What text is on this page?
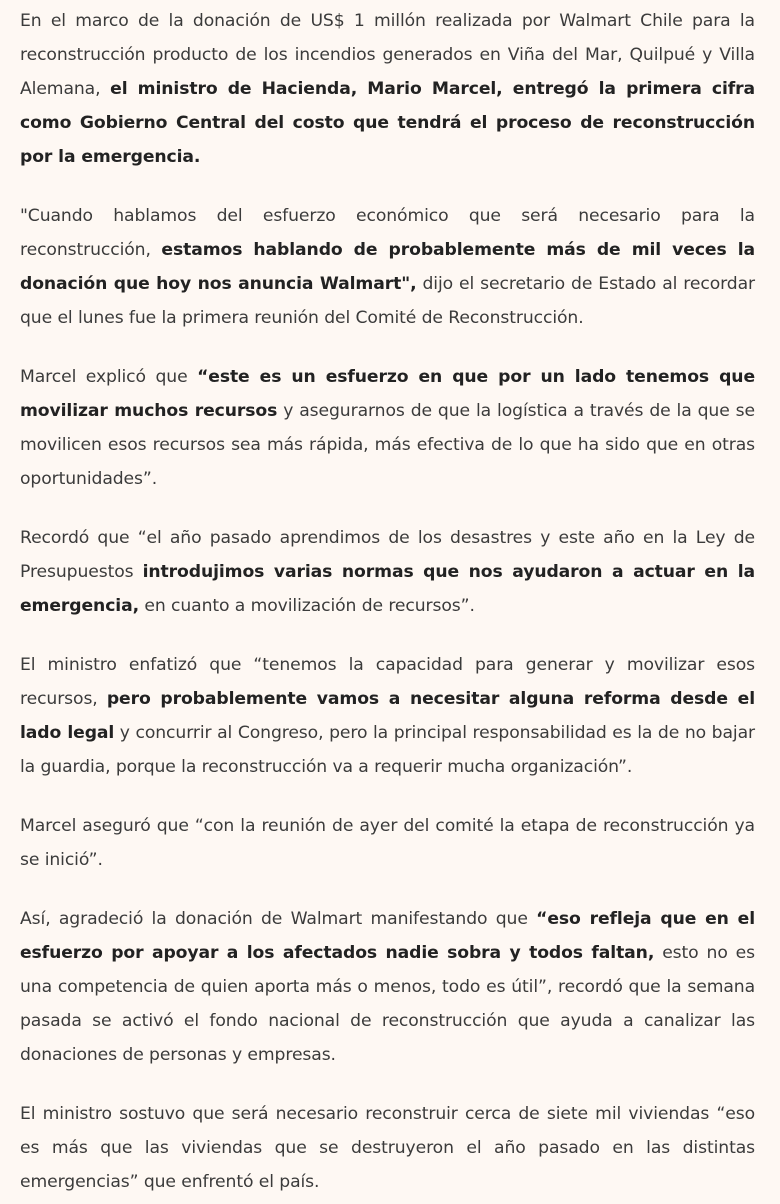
En el marco de la donación de US$ 1 millón realizada por Walmart Chile para la reconstrucción producto de los incendios generados en Viña del Mar, Quilpué y Villa Alemana, el ministro de Hacienda, Mario Marcel, entregó la primera cifra como Gobierno Central del costo que tendrá el proceso de reconstrucción por la emergencia.

"Cuando hablamos del esfuerzo económico que será necesario para la reconstrucción, estamos hablando de probablemente más de mil veces la donación que hoy nos anuncia Walmart", dijo el secretario de Estado al recordar que el lunes fue la primera reunión del Comité de Reconstrucción.

Marcel explicó que “este es un esfuerzo en que por un lado tenemos que movilizar muchos recursos y asegurarnos de que la logística a través de la que se movilicen esos recursos sea más rápida, más efectiva de lo que ha sido que en otras oportunidades”.

Recordó que “el año pasado aprendimos de los desastres y este año en la Ley de Presupuestos introdujimos varias normas que nos ayudaron a actuar en la emergencia, en cuanto a movilización de recursos”.

El ministro enfatizó que “tenemos la capacidad para generar y movilizar esos recursos, pero probablemente vamos a necesitar alguna reforma desde el lado legal y concurrir al Congreso, pero la principal responsabilidad es la de no bajar la guardia, porque la reconstrucción va a requerir mucha organización”.

Marcel aseguró que “con la reunión de ayer del comité la etapa de reconstrucción ya se inició”.

Así, agradeció la donación de Walmart manifestando que “eso refleja que en el esfuerzo por apoyar a los afectados nadie sobra y todos faltan, esto no es una competencia de quien aporta más o menos, todo es útil”, recordó que la semana pasada se activó el fondo nacional de reconstrucción que ayuda a canalizar las donaciones de personas y empresas.

El ministro sostuvo que será necesario reconstruir cerca de siete mil viviendas “eso es más que las viviendas que se destruyeron el año pasado en las distintas emergencias” que enfrentó el país.
